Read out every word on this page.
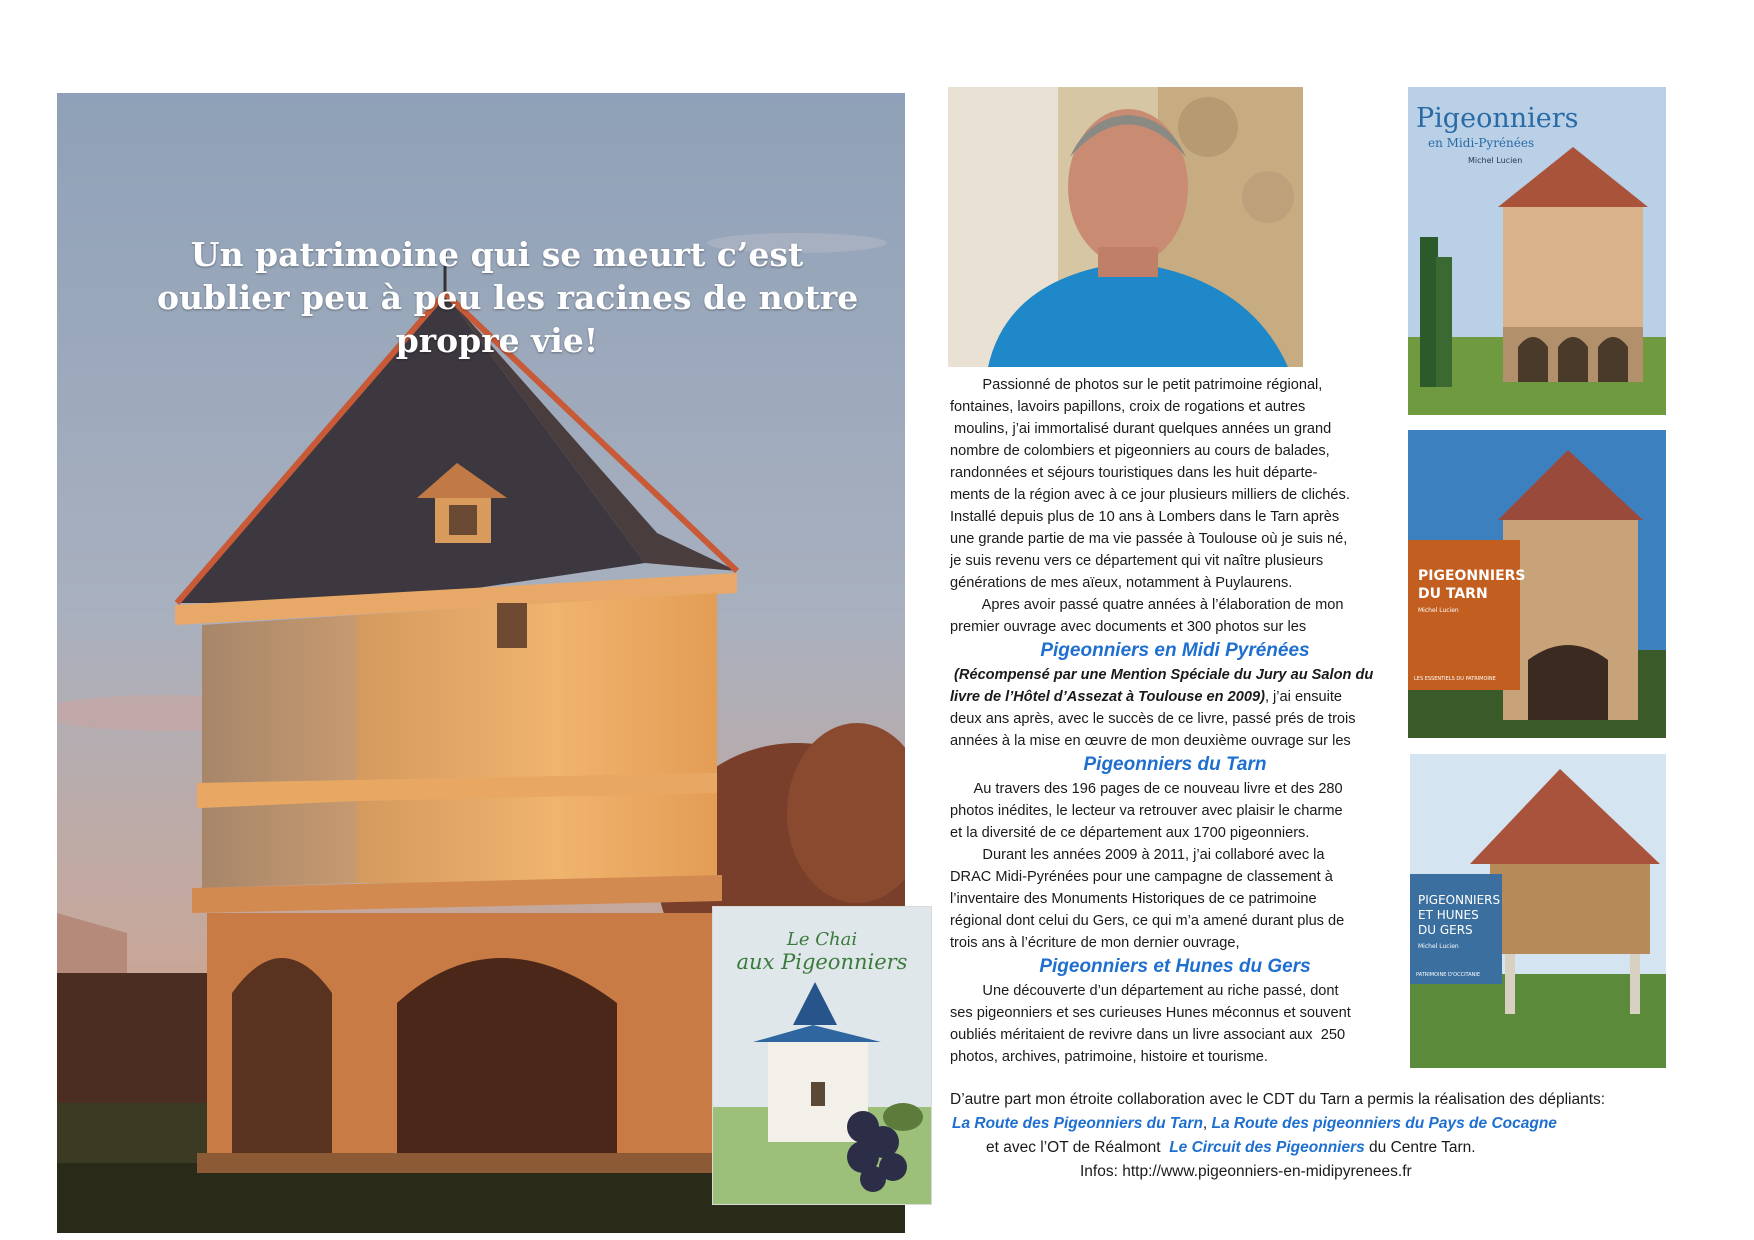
Un patrimoine qui se meurt c’est
oublier peu à peu les racines de notre
propre vie!
Le Chai
aux Pigeonniers
Pigeonniers
en Midi-Pyrénées
Michel Lucien
PIGEONNIERS
DU TARN
Michel Lucien
LES ESSENTIELS DU PATRIMOINE
PIGEONNIERS
ET HUNES
DU GERS
Michel Lucien
PATRIMOINE D'OCCITANIE
Passionné de photos sur le petit patrimoine régional,
fontaines, lavoirs papillons, croix de rogations et autres
moulins, j’ai immortalisé durant quelques années un grand
nombre de colombiers et pigeonniers au cours de balades,
randonnées et séjours touristiques dans les huit départe-
ments de la région avec à ce jour plusieurs milliers de clichés.
Installé depuis plus de 10 ans à Lombers dans le Tarn après
une grande partie de ma vie passée à Toulouse où je suis né,
je suis revenu vers ce département qui vit naître plusieurs
générations de mes aïeux, notamment à Puylaurens.
Apres avoir passé quatre années à l’élaboration de mon
premier ouvrage avec documents et 300 photos sur les
Pigeonniers en Midi Pyrénées
(Récompensé par une Mention Spéciale du Jury au Salon du
livre de l’Hôtel d’Assezat à Toulouse en 2009), j’ai ensuite
deux ans après, avec le succès de ce livre, passé prés de trois
années à la mise en œuvre de mon deuxième ouvrage sur les
Pigeonniers du Tarn
Au travers des 196 pages de ce nouveau livre et des 280
photos inédites, le lecteur va retrouver avec plaisir le charme
et la diversité de ce département aux 1700 pigeonniers.
Durant les années 2009 à 2011, j’ai collaboré avec la
DRAC Midi-Pyrénées pour une campagne de classement à
l’inventaire des Monuments Historiques de ce patrimoine
régional dont celui du Gers, ce qui m’a amené durant plus de
trois ans à l’écriture de mon dernier ouvrage,
Pigeonniers et Hunes du Gers
Une découverte d’un département au riche passé, dont
ses pigeonniers et ses curieuses Hunes méconnus et souvent
oubliés méritaient de revivre dans un livre associant aux  250
photos, archives, patrimoine, histoire et tourisme.
D’autre part mon étroite collaboration avec le CDT du Tarn a permis la réalisation des dépliants:
La Route des Pigeonniers du Tarn, La Route des pigeonniers du Pays de Cocagne
et avec l’OT de Réalmont  Le Circuit des Pigeonniers du Centre Tarn.
Infos: http://www.pigeonniers-en-midipyrenees.fr
